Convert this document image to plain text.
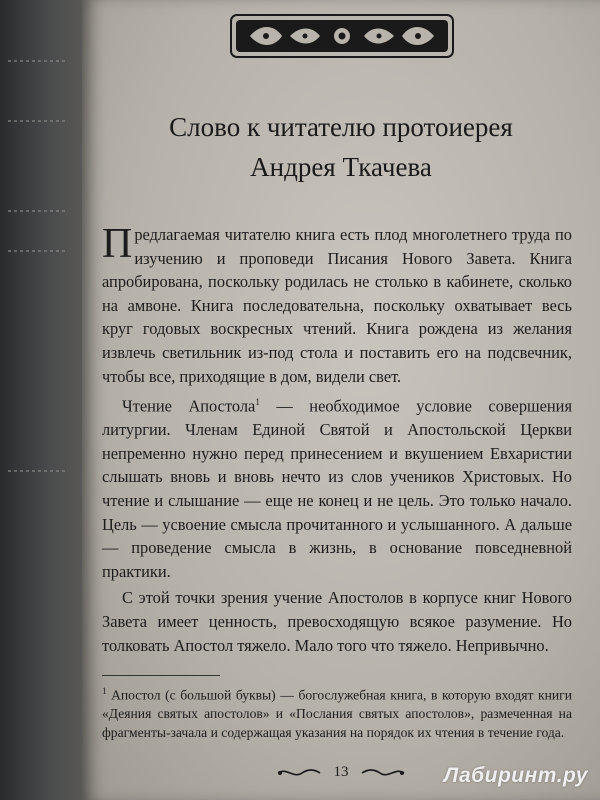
Слово к читателю протоиерея
Андрея Ткачева

Предлагаемая читателю книга есть плод многолетнего труда по изучению и проповеди Писания Нового Завета. Книга апробирована, поскольку родилась не столько в кабинете, сколько на амвоне. Книга последовательна, поскольку охватывает весь круг годовых воскресных чтений. Книга рождена из желания извлечь светильник из-под стола и поставить его на подсвечник, чтобы все, приходящие в дом, видели свет.

Чтение Апостола$^1$ — необходимое условие совершения литургии. Членам Единой Святой и Апостольской Церкви непременно нужно перед принесением и вкушением Евхаристии слышать вновь и вновь нечто из слов учеников Христовых. Но чтение и слышание — еще не конец и не цель. Это только начало. Цель — усвоение смысла прочитанного и услышанного. А дальше — проведение смысла в жизнь, в основание повседневной практики.

С этой точки зрения учение Апостолов в корпусе книг Нового Завета имеет ценность, превосходящую всякое разумение. Но толковать Апостол тяжело. Мало того что тяжело. Непривычно.

$^1$ Апостол (с большой буквы) — богослужебная книга, в которую входят книги «Деяния святых апостолов» и «Послания святых апостолов», размеченная на фрагменты-зачала и содержащая указания на порядок их чтения в течение года.
13	Лабиринт.ру
